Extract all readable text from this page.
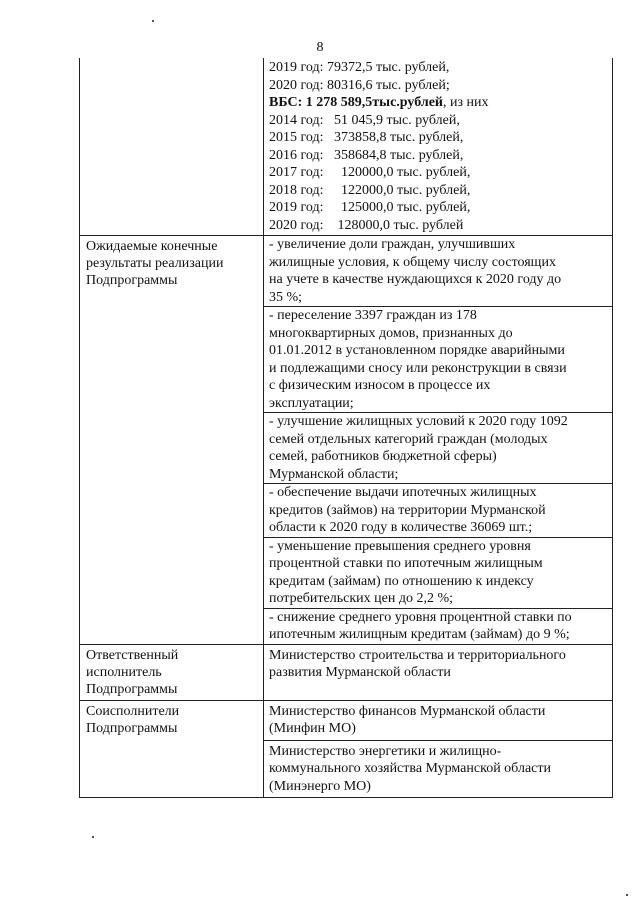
8
2019 год: 79372,5 тыс. рублей,
2020 год: 80316,6 тыс. рублей;
ВБС: 1 278 589,5тыс.рублей, из них
2014 год:   51 045,9 тыс. рублей,
2015 год:   373858,8 тыс. рублей,
2016 год:   358684,8 тыс. рублей,
2017 год:     120000,0 тыс. рублей,
2018 год:     122000,0 тыс. рублей,
2019 год:     125000,0 тыс. рублей,
2020 год:    128000,0 тыс. рублей
Ожидаемые конечные
результаты реализации
Подпрограммы
- увеличение доли граждан, улучшивших
жилищные условия, к общему числу состоящих
на учете в качестве нуждающихся к 2020 году до
35 %;
- переселение 3397 граждан из 178
многоквартирных домов, признанных до
01.01.2012 в установленном порядке аварийными
и подлежащими сносу или реконструкции в связи
с физическим износом в процессе их
эксплуатации;
- улучшение жилищных условий к 2020 году 1092
семей отдельных категорий граждан (молодых
семей, работников бюджетной сферы)
Мурманской области;
- обеспечение выдачи ипотечных жилищных
кредитов (займов) на территории Мурманской
области к 2020 году в количестве 36069 шт.;
- уменьшение превышения среднего уровня
процентной ставки по ипотечным жилищным
кредитам (займам) по отношению к индексу
потребительских цен до 2,2 %;
- снижение среднего уровня процентной ставки по
ипотечным жилищным кредитам (займам) до 9 %;
Ответственный
исполнитель
Подпрограммы
Министерство строительства и территориального
развития Мурманской области
Соисполнители
Подпрограммы
Министерство финансов Мурманской области
(Минфин МО)
Министерство энергетики и жилищно-
коммунального хозяйства Мурманской области
(Минэнерго МО)
